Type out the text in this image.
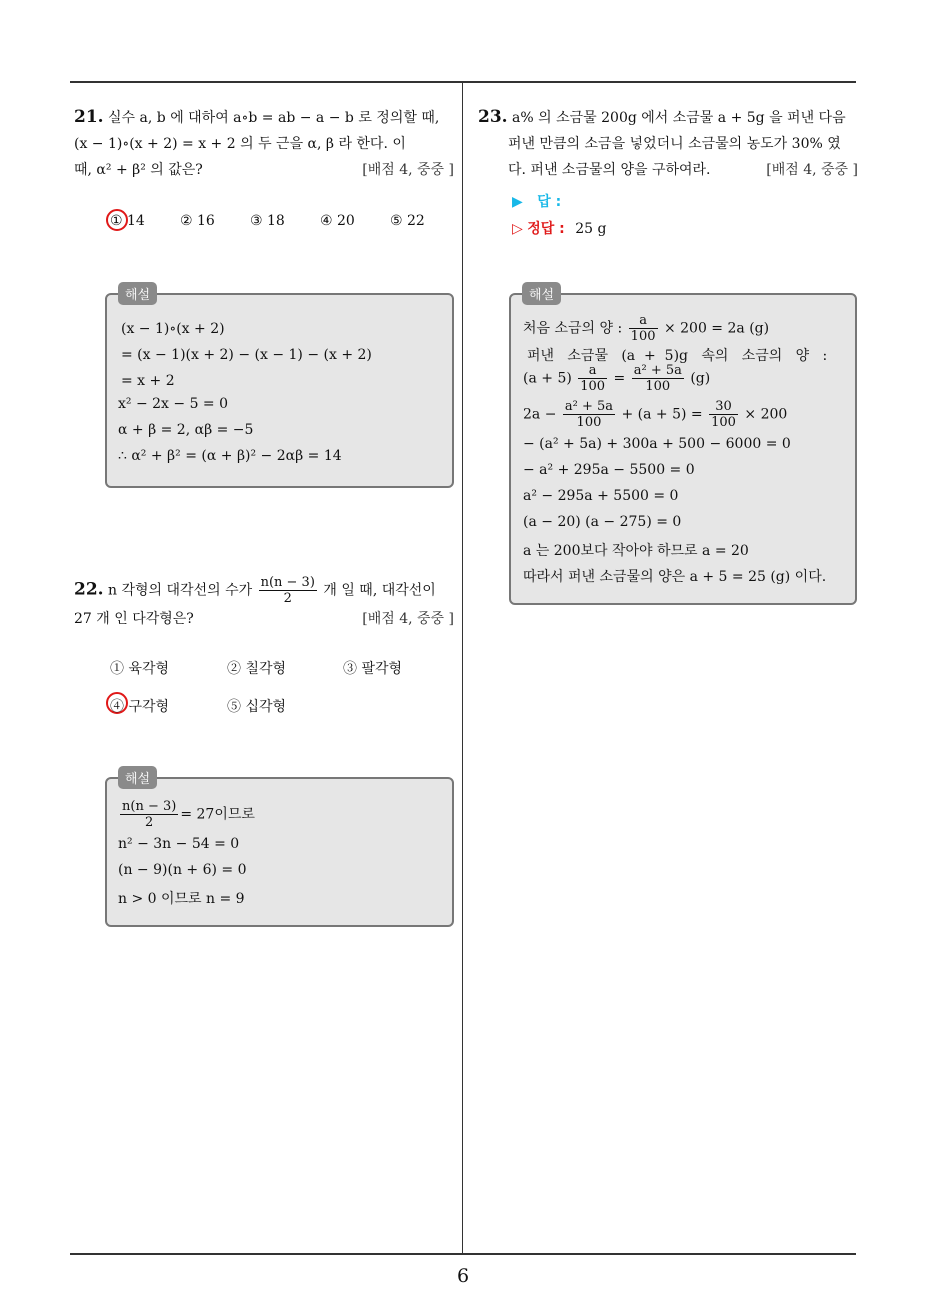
6
21. 실수 a, b 에 대하여 a∘b = ab − a − b 로 정의할 때,
(x − 1)∘(x + 2) = x + 2 의 두 근을 α, β 라 한다. 이
때, α² + β² 의 값은?	[배점 4, 중중 ]
① 14	② 16	③ 18	④ 20	⑤ 22
(x − 1)∘(x + 2)
= (x − 1)(x + 2) − (x − 1) − (x + 2)
= x + 2
x² − 2x − 5 = 0
α + β = 2, αβ = −5
∴ α² + β² = (α + β)² − 2αβ = 14
해설
22. n 각형의 대각선의 수가 $\frac{n(n - 3)}{2}$ 개 일 때, 대각선이
27 개 인 다각형은?	[배점 4, 중중 ]
① 육각형	② 칠각형	③ 팔각형
④ 구각형	⑤ 십각형
$\frac{n(n - 3)}{2} = 27$이므로
n² − 3n − 54 = 0
(n − 9)(n + 6) = 0
n > 0 이므로 n = 9
해설
23. a% 의 소금물 200g 에서 소금물 a + 5g 을 퍼낸 다음
퍼낸 만큼의 소금을 넣었더니 소금물의 농도가 30% 였
다. 퍼낸 소금물의 양을 구하여라.	[배점 4, 중중 ]
▶ 답 :
▷ 정답 : 25 g
처음 소금의 양 : $\frac{a}{100} \times 200 = 2a$ (g)
퍼낸   소금물   (a  +  5)g   속의   소금의   양   :
$(a + 5) \frac{a}{100} = \frac{\text{a² + 5a}}{100} (g)$
$2a - \frac{\text{a² + 5a}}{100} + (a + 5) = \frac{30}{100} \times 200$
− (a² + 5a) + 300a + 500 − 6000 = 0
− a² + 295a − 5500 = 0
a² − 295a + 5500 = 0
(a − 20) (a − 275) = 0
a 는 200보다 작아야 하므로 a = 20
따라서 퍼낸 소금물의 양은 a + 5 = 25 (g) 이다.
해설
